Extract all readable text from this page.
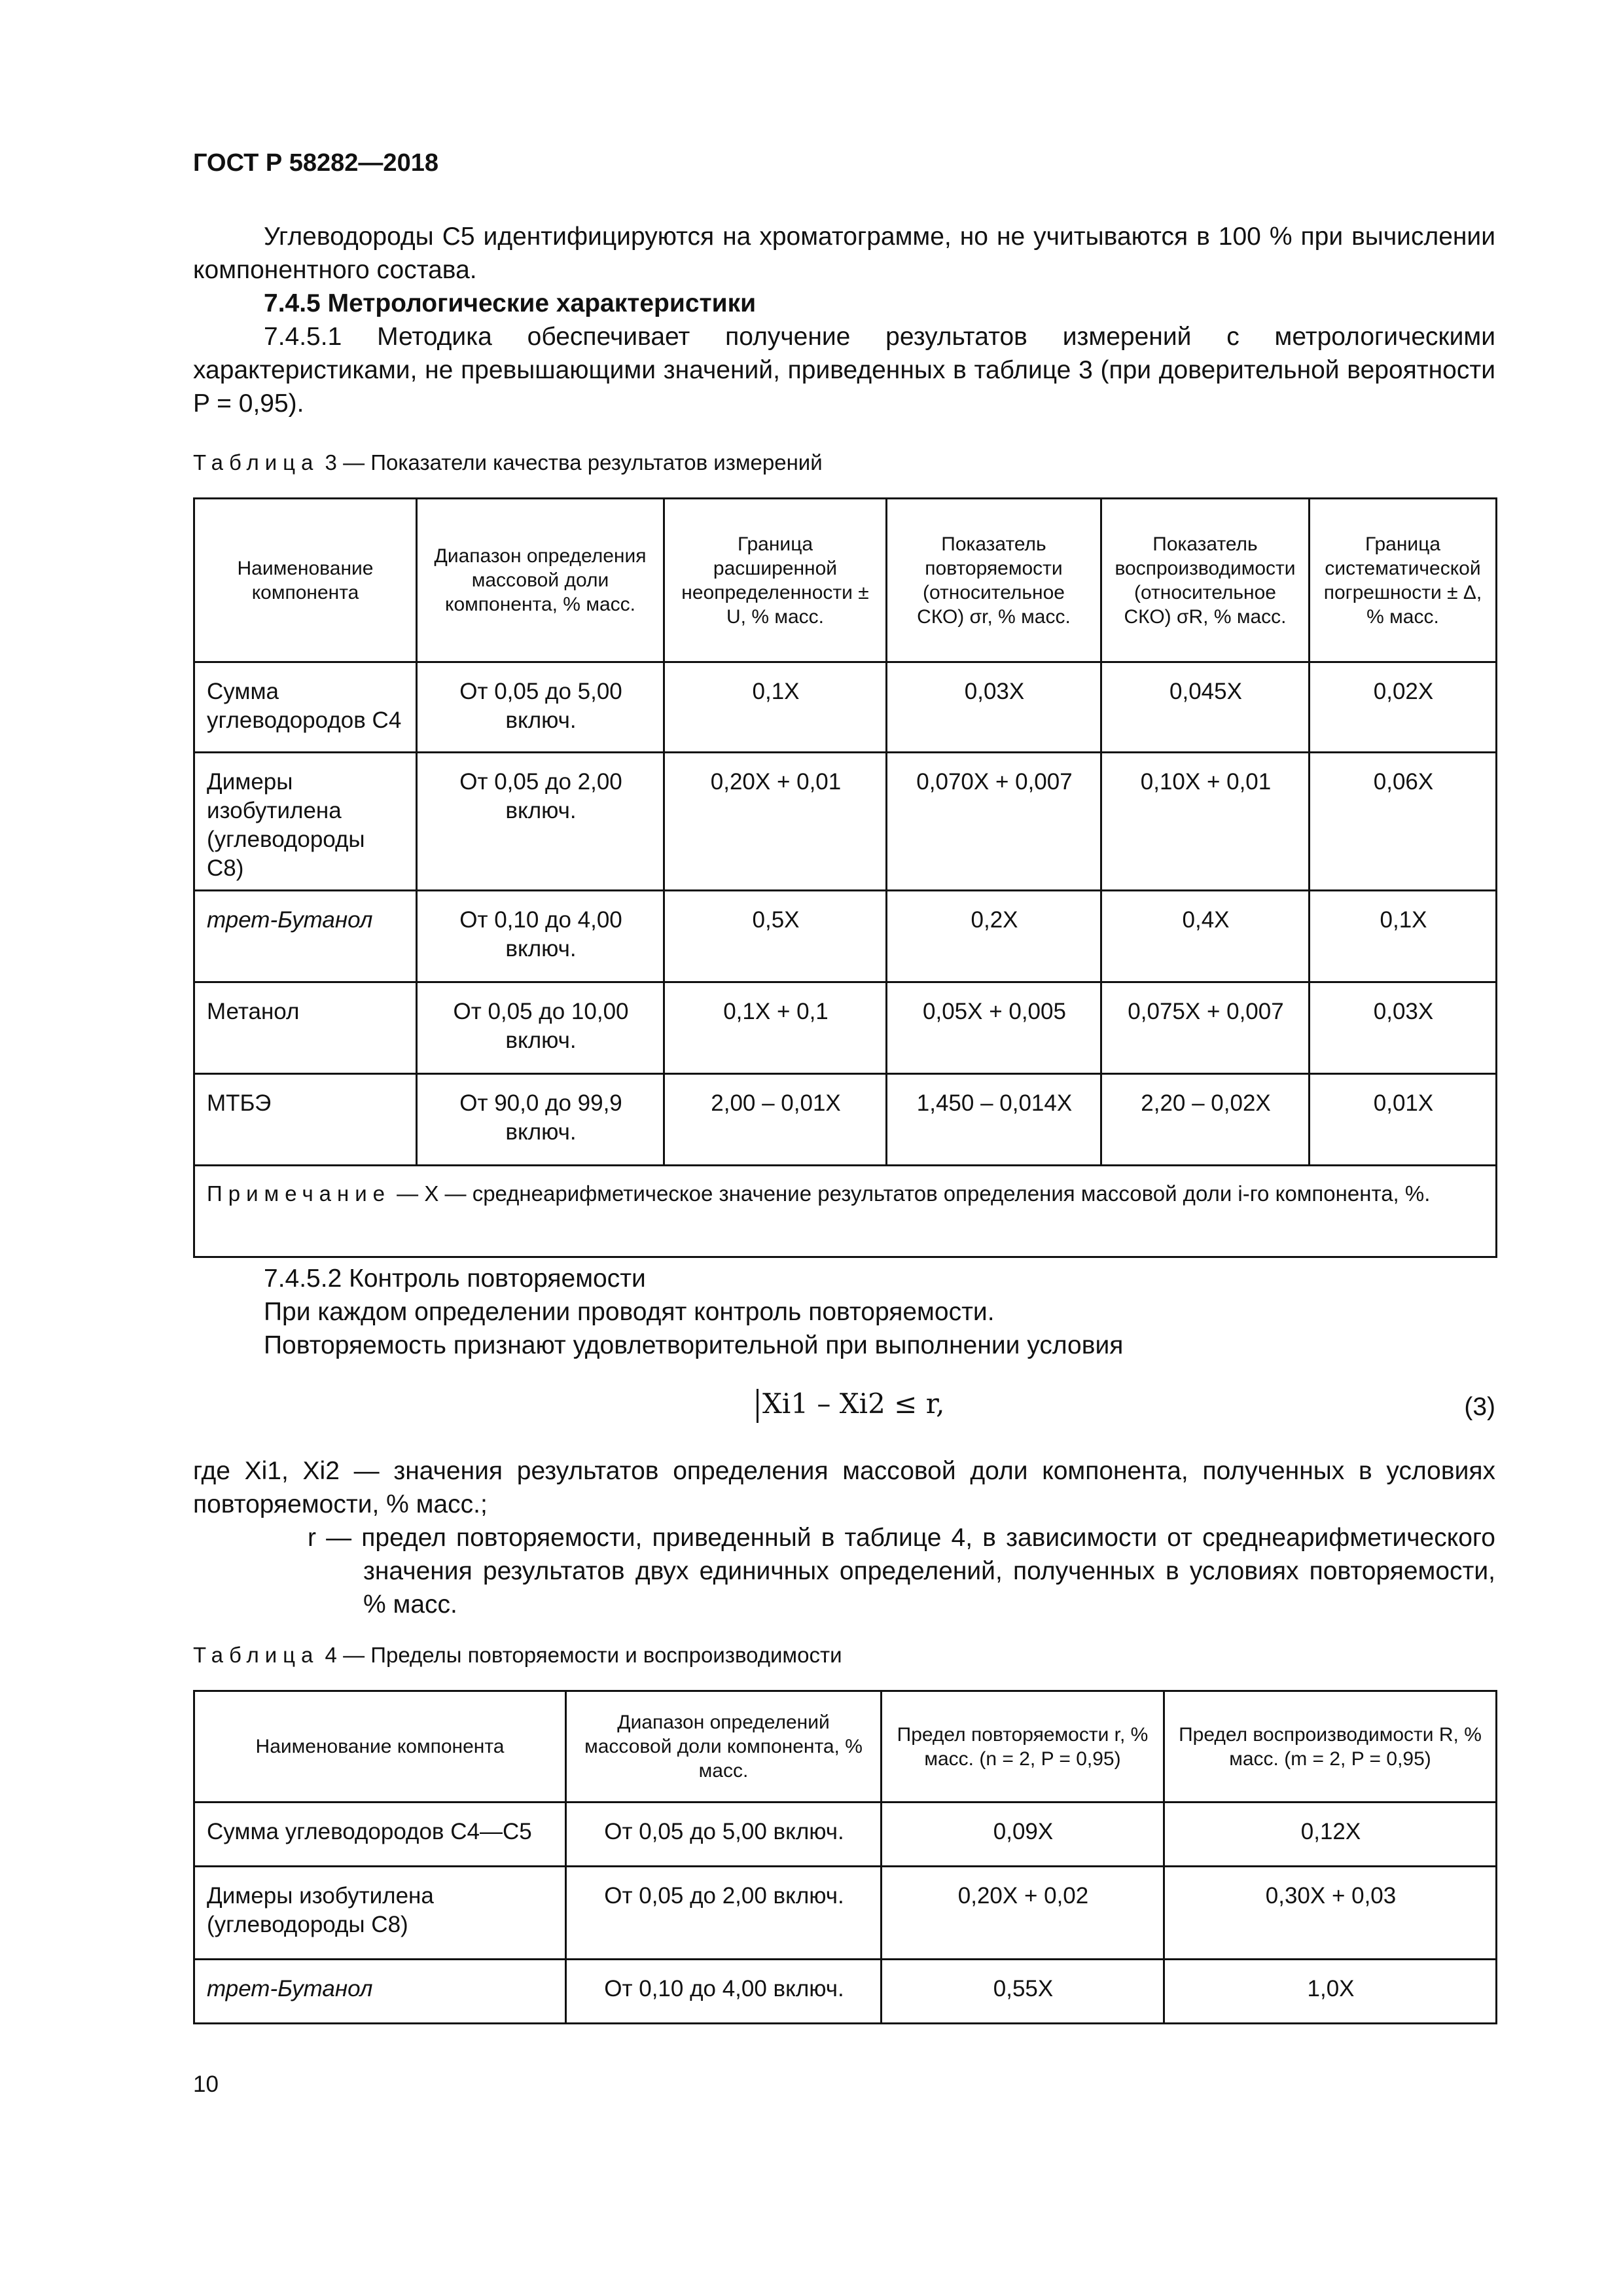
ГОСТ Р 58282—2018

Углеводороды C5 идентифицируются на хроматограмме, но не учитываются в 100 % при вычислении компонентного состава.

7.4.5 Метрологические характеристики

7.4.5.1 Методика обеспечивает получение результатов измерений с метрологическими характеристиками, не превышающими значений, приведенных в таблице 3 (при доверительной вероятности P = 0,95).

Таблица 3 — Показатели качества результатов измерений
Наименование компонента	Диапазон определения массовой доли компонента, % масс.	Граница расширенной неопределенности ± U, % масс.	Показатель повторяемости (относительное СКО) σr, % масс.	Показатель воспроизводимости (относительное СКО) σR, % масс.	Граница систематической погрешности ± Δ, % масс.
Сумма углеводородов C4	От 0,05 до 5,00 включ.	0,1X	0,03X	0,045X	0,02X
Димеры изобутилена (углеводороды C8)	От 0,05 до 2,00 включ.	0,20X + 0,01	0,070X + 0,007	0,10X + 0,01	0,06X
трет-Бутанол	От 0,10 до 4,00 включ.	0,5X	0,2X	0,4X	0,1X
Метанол	От 0,05 до 10,00 включ.	0,1X + 0,1	0,05X + 0,005	0,075X + 0,007	0,03X
МТБЭ	От 90,0 до 99,9 включ.	2,00 – 0,01X	1,450 – 0,014X	2,20 – 0,02X	0,01X
Примечание — X — среднеарифметическое значение результатов определения массовой доли i-го компонента, %.					

7.4.5.2 Контроль повторяемости

При каждом определении проводят контроль повторяемости.

Повторяемость признают удовлетворительной при выполнении условия

Xi1 – Xi2 ≤ r,	(3)

где Xi1, Xi2 — значения результатов определения массовой доли компонента, полученных в условиях повторяемости, % масс.;

r — предел повторяемости, приведенный в таблице 4, в зависимости от среднеарифметического значения результатов двух единичных определений, полученных в условиях повторяемости, % масс.

Таблица 4 — Пределы повторяемости и воспроизводимости
Наименование компонента	Диапазон определений массовой доли компонента, % масс.	Предел повторяемости r, % масс. (n = 2, P = 0,95)	Предел воспроизводимости R, % масс. (m = 2, P = 0,95)
Сумма углеводородов C4—C5	От 0,05 до 5,00 включ.	0,09X	0,12X
Димеры изобутилена (углеводороды C8)	От 0,05 до 2,00 включ.	0,20X + 0,02	0,30X + 0,03
трет-Бутанол	От 0,10 до 4,00 включ.	0,55X	1,0X
10
